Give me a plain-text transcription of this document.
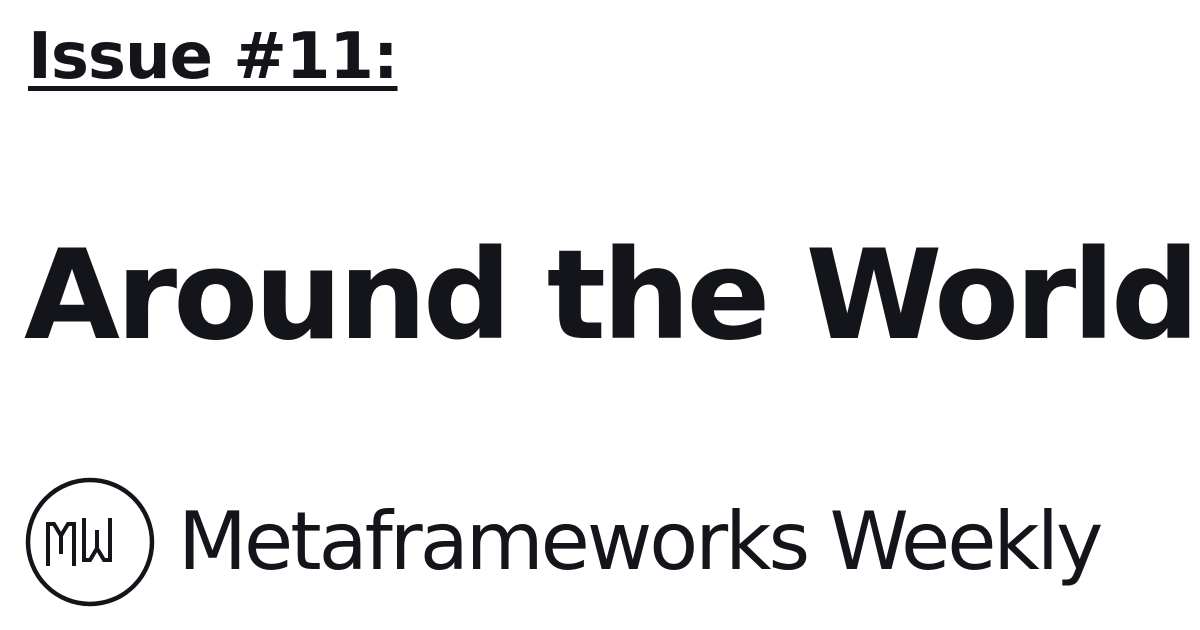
Issue #11:
Around the World
Metaframeworks Weekly
